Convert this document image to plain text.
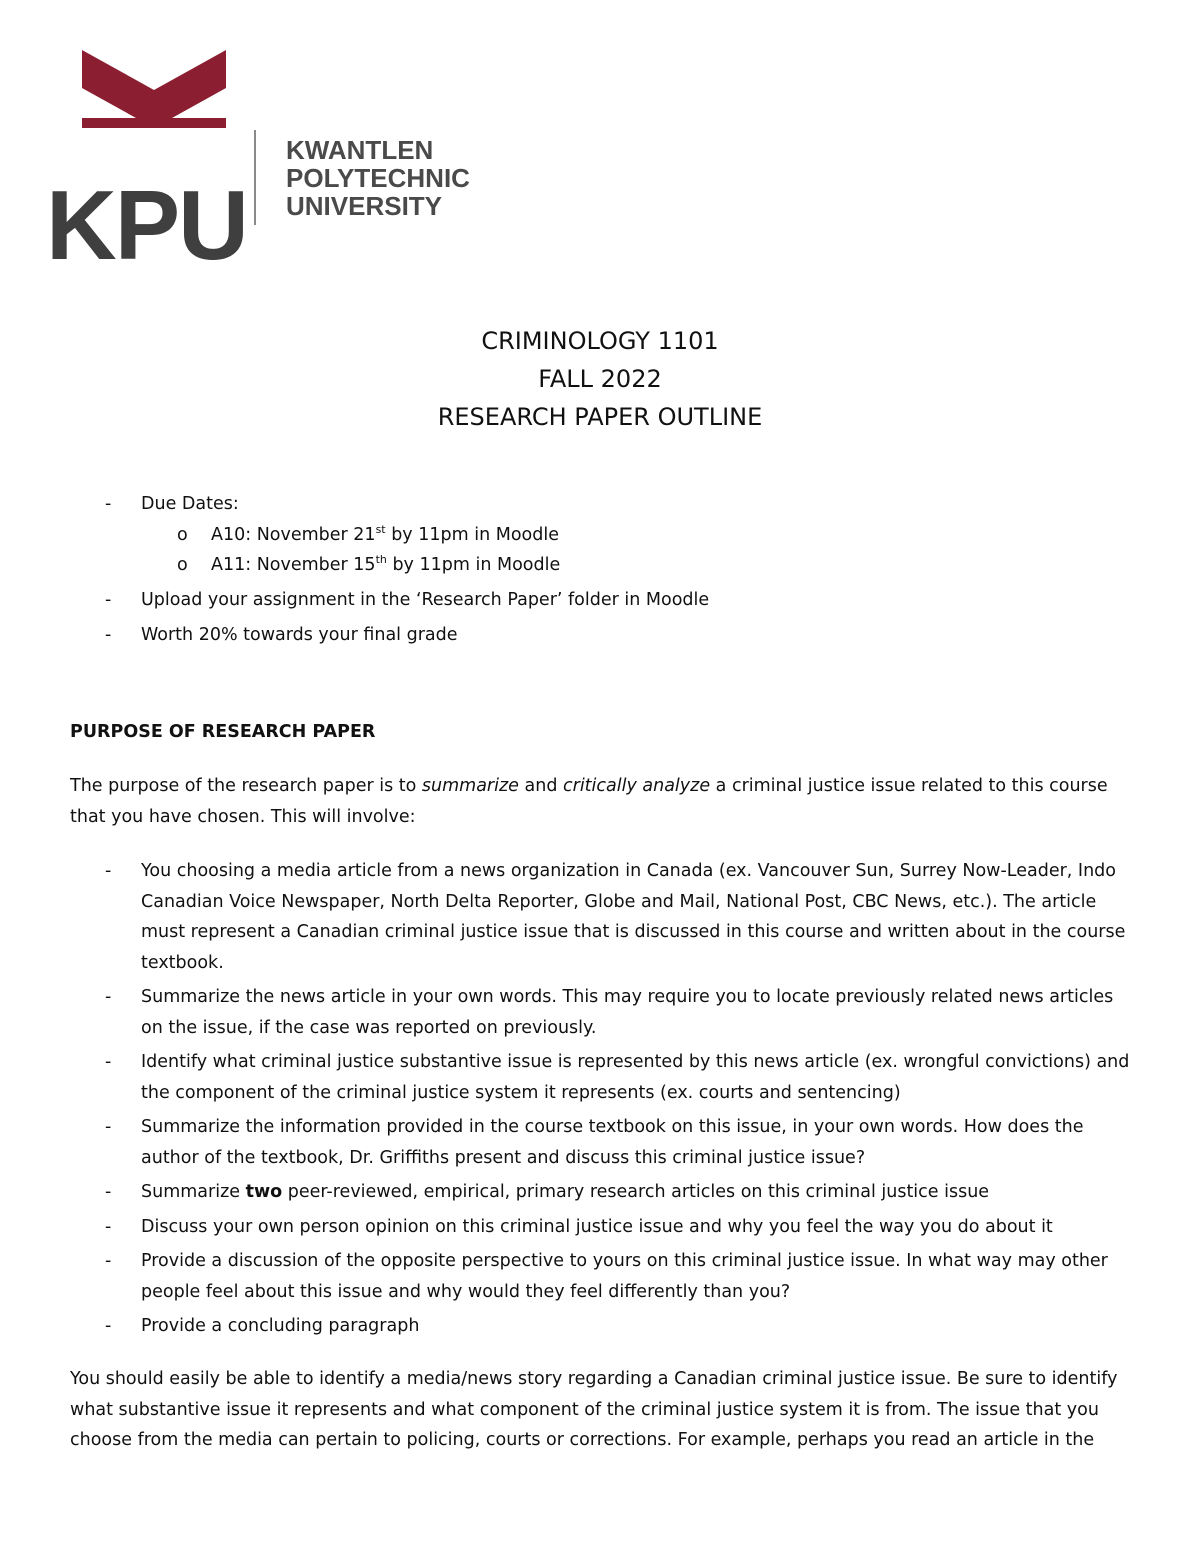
KPU
KWANTLEN
POLYTECHNIC
UNIVERSITY
CRIMINOLOGY 1101
FALL 2022
RESEARCH PAPER OUTLINE
- Due Dates:
o A10: November 21st by 11pm in Moodle
o A11: November 15th by 11pm in Moodle
- Upload your assignment in the ‘Research Paper’ folder in Moodle
- Worth 20% towards your final grade
PURPOSE OF RESEARCH PAPER
The purpose of the research paper is to summarize and critically analyze a criminal justice issue related to this course that you have chosen. This will involve:
- You choosing a media article from a news organization in Canada (ex. Vancouver Sun, Surrey Now-Leader, Indo Canadian Voice Newspaper, North Delta Reporter, Globe and Mail, National Post, CBC News, etc.). The article must represent a Canadian criminal justice issue that is discussed in this course and written about in the course textbook.
- Summarize the news article in your own words. This may require you to locate previously related news articles on the issue, if the case was reported on previously.
- Identify what criminal justice substantive issue is represented by this news article (ex. wrongful convictions) and the component of the criminal justice system it represents (ex. courts and sentencing)
- Summarize the information provided in the course textbook on this issue, in your own words. How does the author of the textbook, Dr. Griffiths present and discuss this criminal justice issue?
- Summarize two peer-reviewed, empirical, primary research articles on this criminal justice issue
- Discuss your own person opinion on this criminal justice issue and why you feel the way you do about it
- Provide a discussion of the opposite perspective to yours on this criminal justice issue. In what way may other people feel about this issue and why would they feel differently than you?
- Provide a concluding paragraph
You should easily be able to identify a media/news story regarding a Canadian criminal justice issue. Be sure to identify what substantive issue it represents and what component of the criminal justice system it is from. The issue that you choose from the media can pertain to policing, courts or corrections. For example, perhaps you read an article in the
